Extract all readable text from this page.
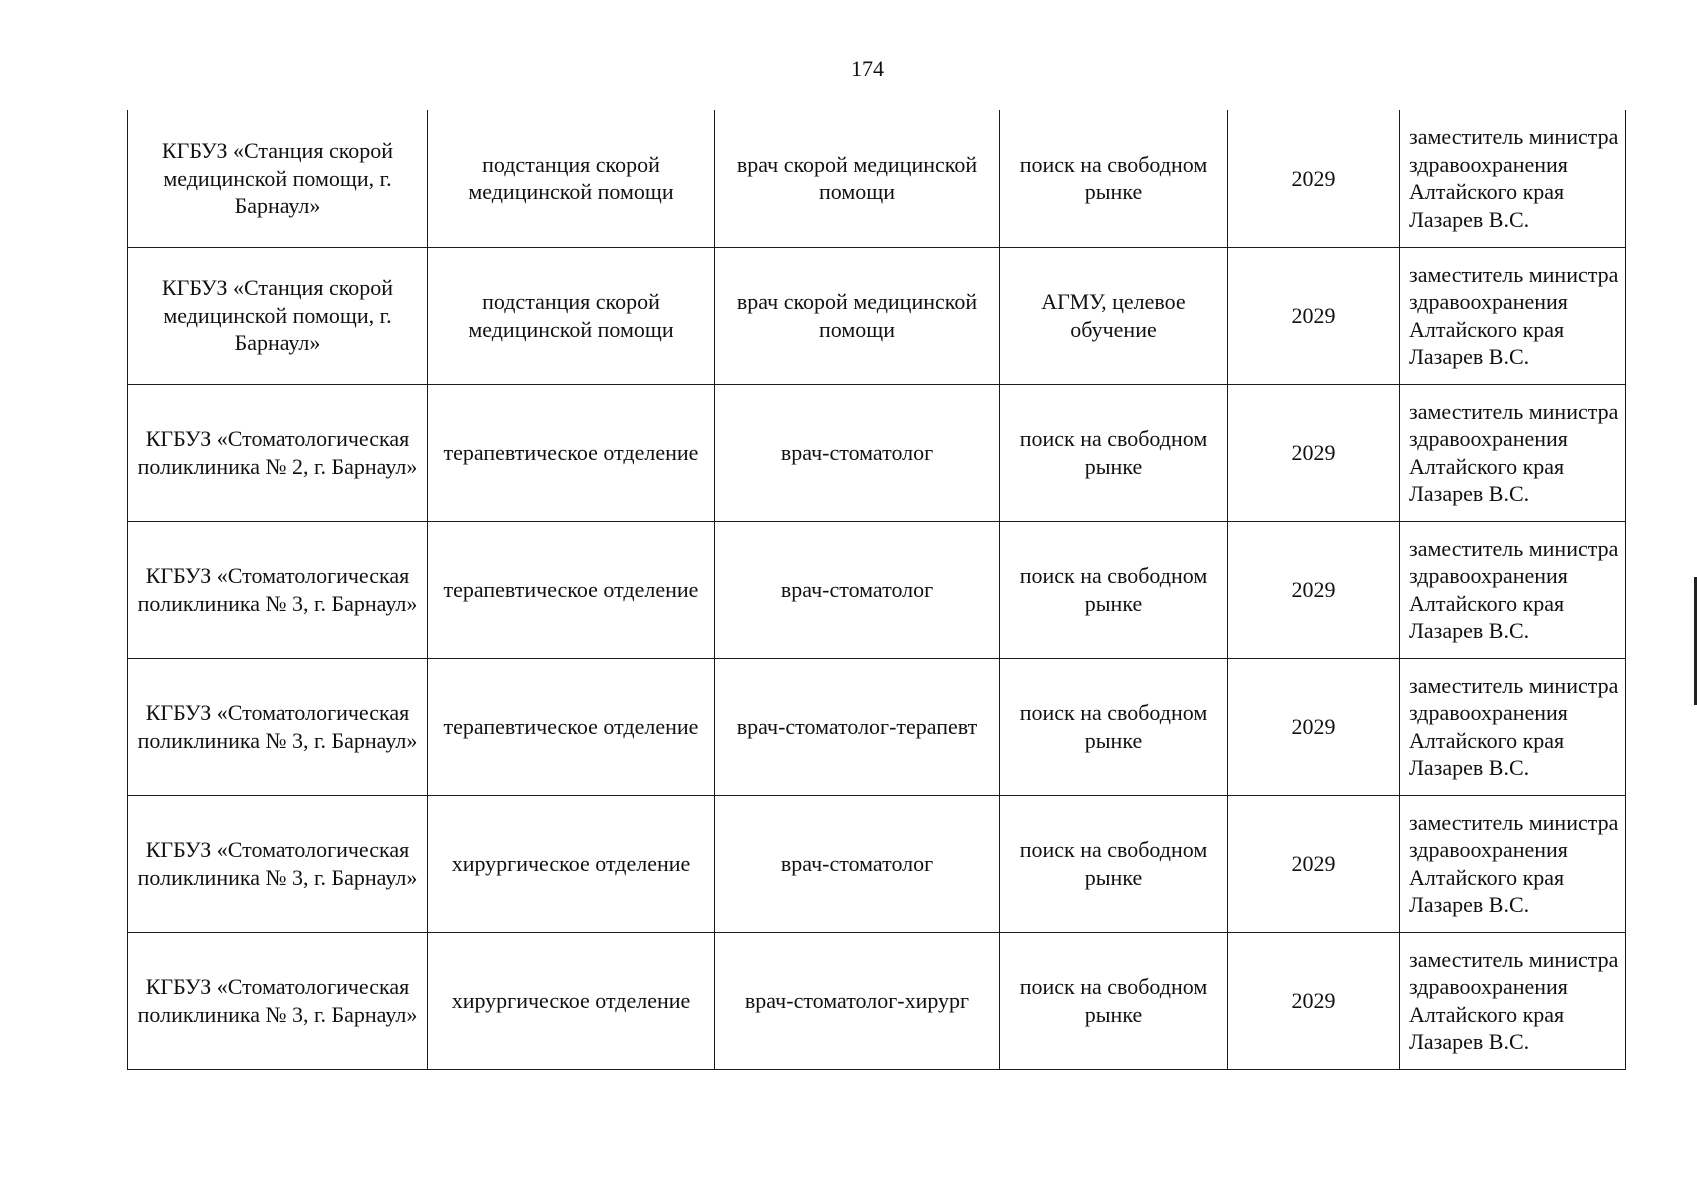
174
КГБУЗ «Станция скорой медицинской помощи, г. Барнаул»	подстанция скорой медицинской помощи	врач скорой медицинской помощи	поиск на свободном рынке	2029	заместитель министра здравоохранения Алтайского края Лазарев В.С.
КГБУЗ «Станция скорой медицинской помощи, г. Барнаул»	подстанция скорой медицинской помощи	врач скорой медицинской помощи	АГМУ, целевое обучение	2029	заместитель министра здравоохранения Алтайского края Лазарев В.С.
КГБУЗ «Стоматологическая поликлиника № 2, г. Барнаул»	терапевтическое отделение	врач-стоматолог	поиск на свободном рынке	2029	заместитель министра здравоохранения Алтайского края Лазарев В.С.
КГБУЗ «Стоматологическая поликлиника № 3, г. Барнаул»	терапевтическое отделение	врач-стоматолог	поиск на свободном рынке	2029	заместитель министра здравоохранения Алтайского края Лазарев В.С.
КГБУЗ «Стоматологическая поликлиника № 3, г. Барнаул»	терапевтическое отделение	врач-стоматолог-терапевт	поиск на свободном рынке	2029	заместитель министра здравоохранения Алтайского края Лазарев В.С.
КГБУЗ «Стоматологическая поликлиника № 3, г. Барнаул»	хирургическое отделение	врач-стоматолог	поиск на свободном рынке	2029	заместитель министра здравоохранения Алтайского края Лазарев В.С.
КГБУЗ «Стоматологическая поликлиника № 3, г. Барнаул»	хирургическое отделение	врач-стоматолог-хирург	поиск на свободном рынке	2029	заместитель министра здравоохранения Алтайского края Лазарев В.С.
